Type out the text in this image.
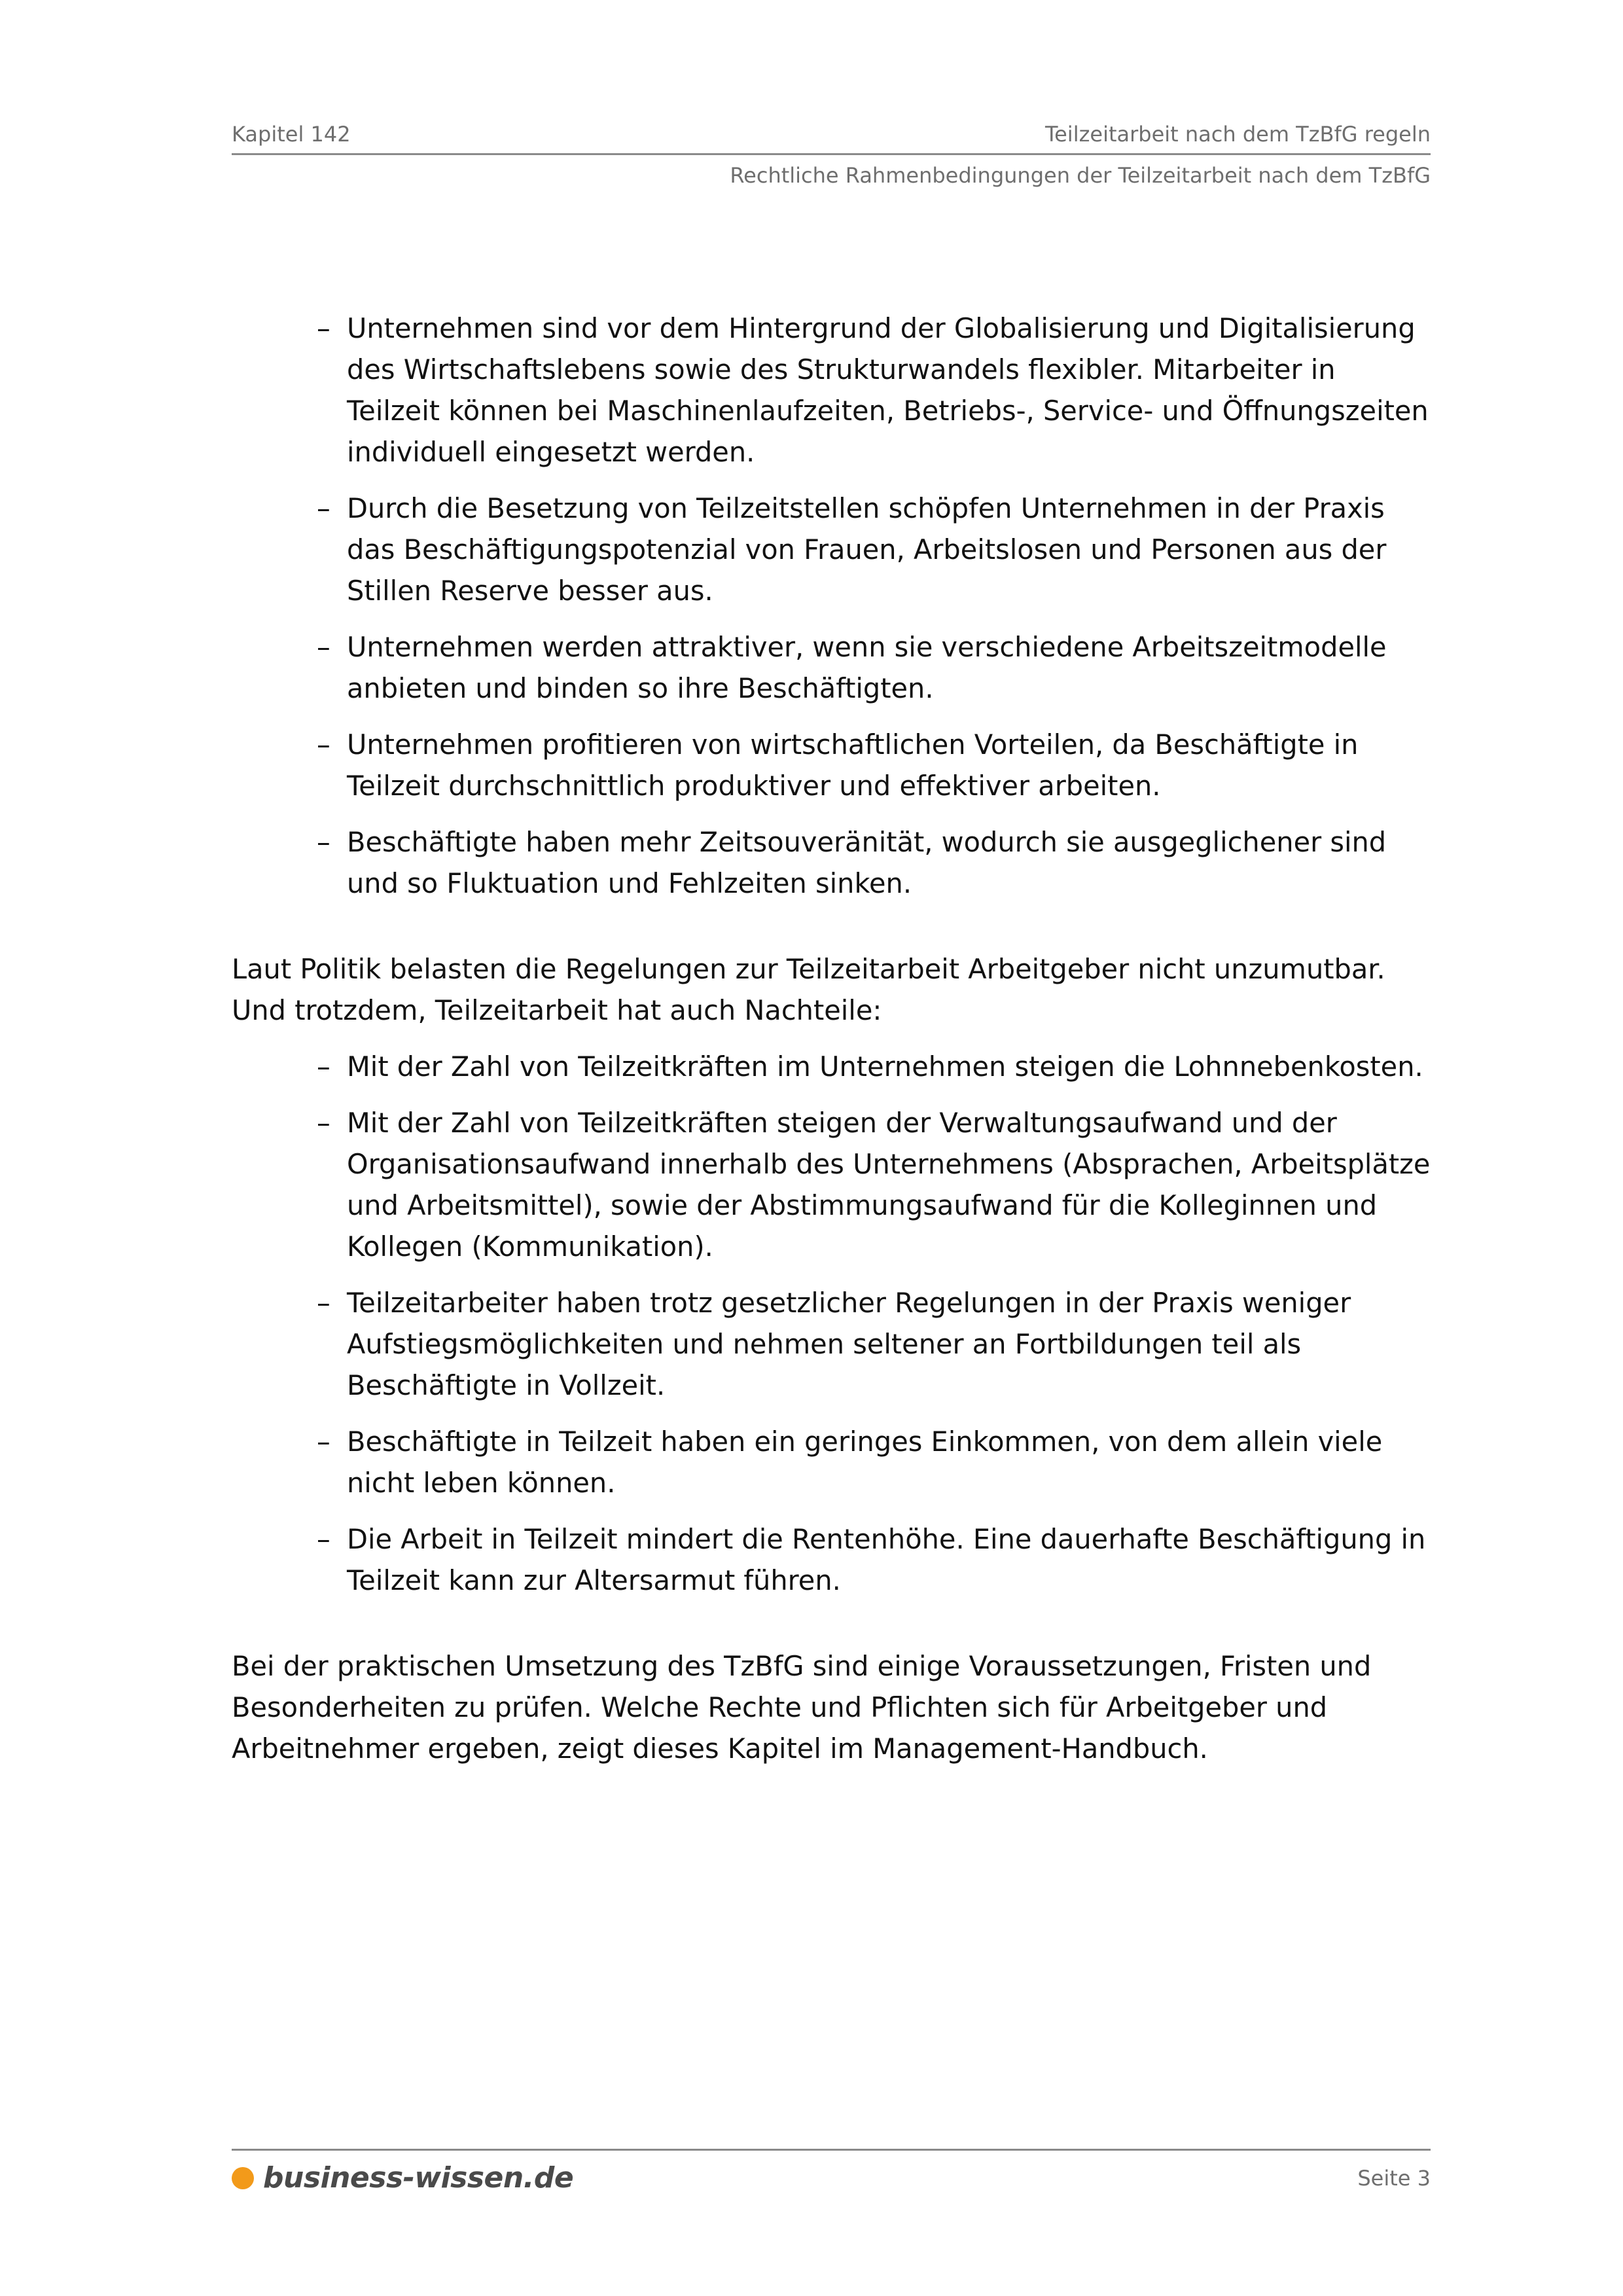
Kapitel 142	Teilzeitarbeit nach dem TzBfG regeln
Rechtliche Rahmenbedingungen der Teilzeitarbeit nach dem TzBfG
– Unternehmen sind vor dem Hintergrund der Globalisierung und Digitalisierung des Wirtschaftslebens sowie des Strukturwandels flexibler. Mitarbeiter in Teilzeit können bei Maschinenlaufzeiten, Betriebs-, Service- und Öffnungszeiten individuell eingesetzt werden.
– Durch die Besetzung von Teilzeitstellen schöpfen Unternehmen in der Praxis das Beschäftigungspotenzial von Frauen, Arbeitslosen und Personen aus der Stillen Reserve besser aus.
– Unternehmen werden attraktiver, wenn sie verschiedene Arbeitszeitmodelle anbieten und binden so ihre Beschäftigten.
– Unternehmen profitieren von wirtschaftlichen Vorteilen, da Beschäftigte in Teilzeit durchschnittlich produktiver und effektiver arbeiten.
– Beschäftigte haben mehr Zeitsouveränität, wodurch sie ausgeglichener sind und so Fluktuation und Fehlzeiten sinken.

Laut Politik belasten die Regelungen zur Teilzeitarbeit Arbeitgeber nicht unzumutbar. Und trotzdem, Teilzeitarbeit hat auch Nachteile:

– Mit der Zahl von Teilzeitkräften im Unternehmen steigen die Lohnnebenkosten.
– Mit der Zahl von Teilzeitkräften steigen der Verwaltungsaufwand und der Organisationsaufwand innerhalb des Unternehmens (Absprachen, Arbeitsplätze und Arbeitsmittel), sowie der Abstimmungsaufwand für die Kolleginnen und Kollegen (Kommunikation).
– Teilzeitarbeiter haben trotz gesetzlicher Regelungen in der Praxis weniger Aufstiegsmöglichkeiten und nehmen seltener an Fortbildungen teil als Beschäftigte in Vollzeit.
– Beschäftigte in Teilzeit haben ein geringes Einkommen, von dem allein viele nicht leben können.
– Die Arbeit in Teilzeit mindert die Rentenhöhe. Eine dauerhafte Beschäftigung in Teilzeit kann zur Altersarmut führen.

Bei der praktischen Umsetzung des TzBfG sind einige Voraussetzungen, Fristen und Besonderheiten zu prüfen. Welche Rechte und Pflichten sich für Arbeitgeber und Arbeitnehmer ergeben, zeigt dieses Kapitel im Management-Handbuch.

business-wissen.de	Seite 3
